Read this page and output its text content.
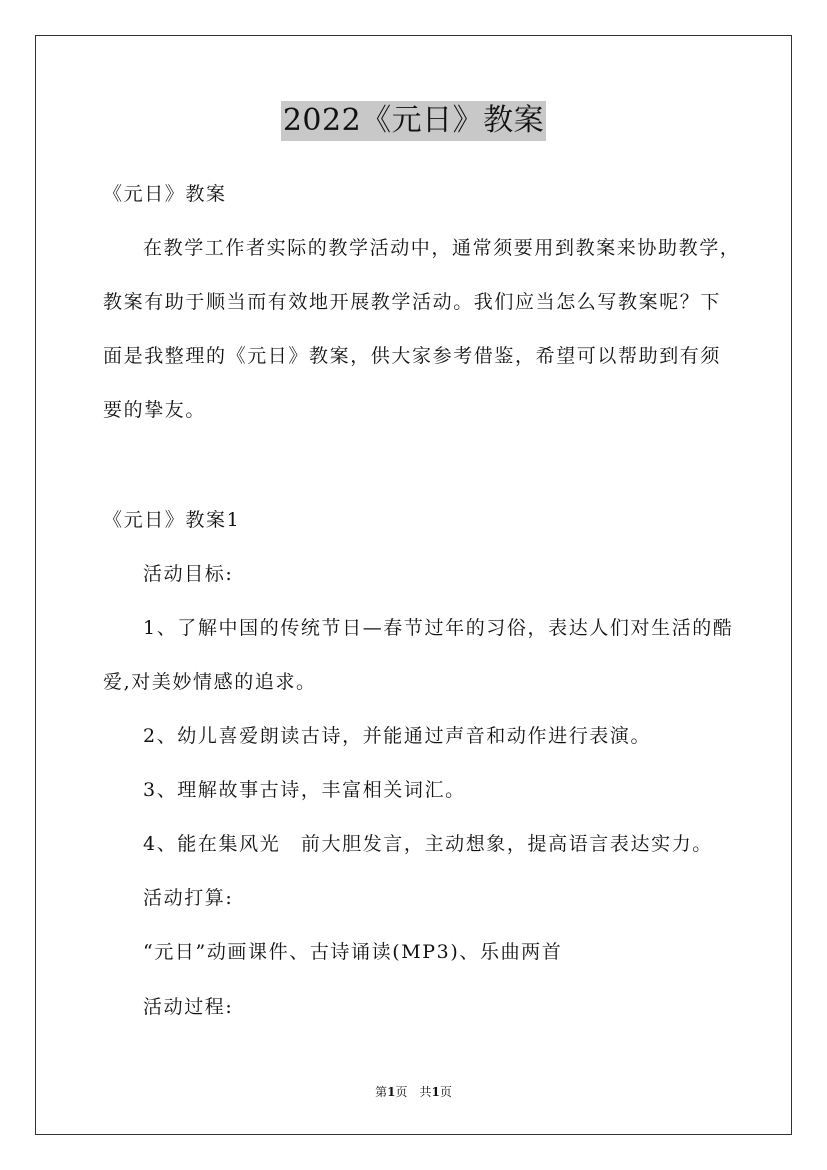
2022《元日》教案
《元日》教案
在教学工作者实际的教学活动中，通常须要用到教案来协助教学，
教案有助于顺当而有效地开展教学活动。我们应当怎么写教案呢？下
面是我整理的《元日》教案，供大家参考借鉴，希望可以帮助到有须
要的挚友。
《元日》教案1
活动目标:
1、了解中国的传统节日—春节过年的习俗，表达人们对生活的酷
爱,对美妙情感的追求。
2、幼儿喜爱朗读古诗，并能通过声音和动作进行表演。
3、理解故事古诗，丰富相关词汇。
4、能在集风光　前大胆发言，主动想象，提高语言表达实力。
活动打算:
“元日”动画课件、古诗诵读(MP3)、乐曲两首
活动过程:
第1页　共1页
